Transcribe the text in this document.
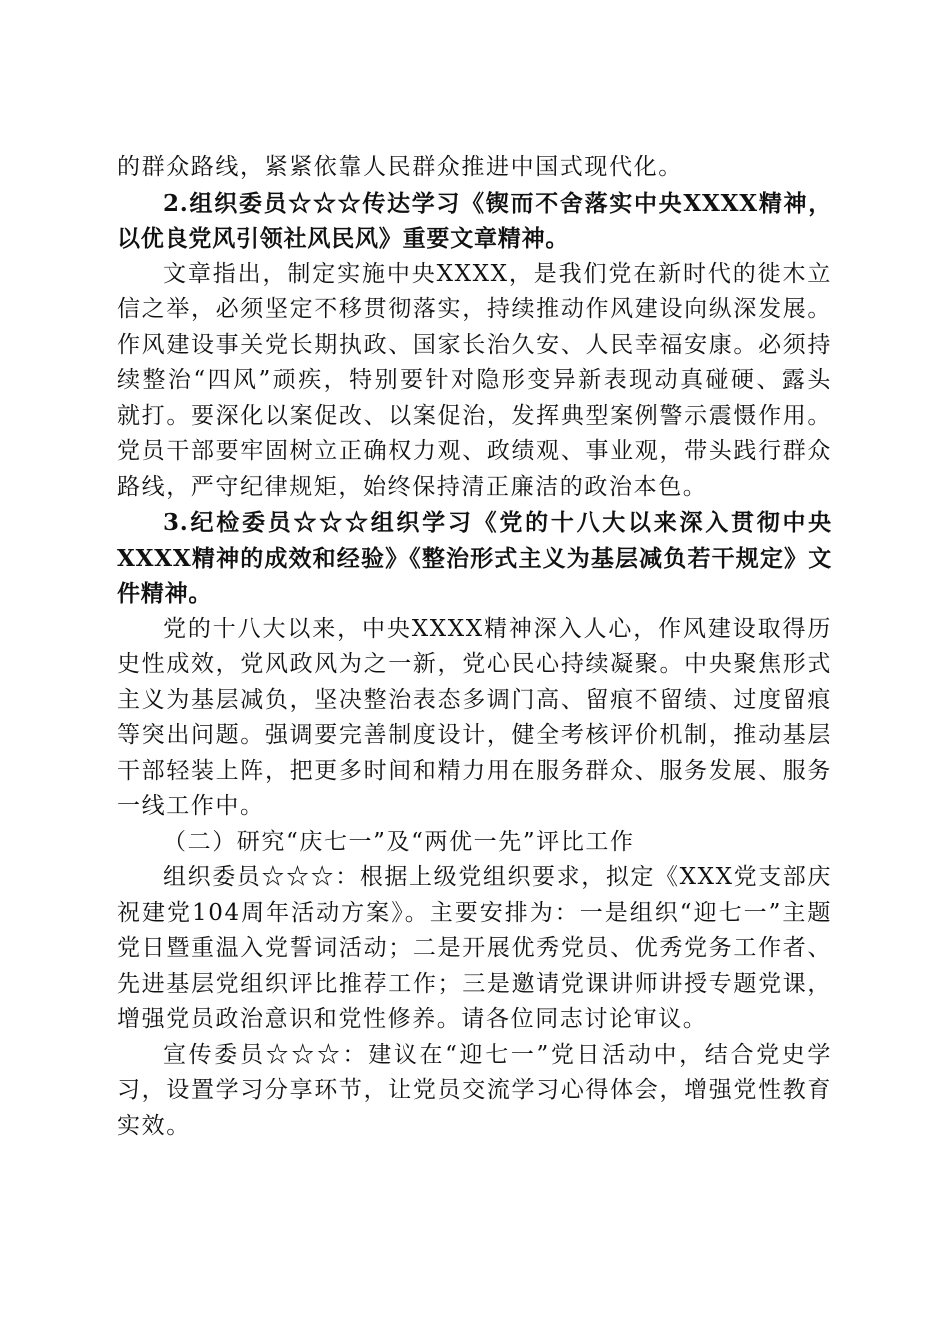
的群众路线，紧紧依靠人民群众推进中国式现代化。

2.组织委员☆☆☆传达学习《锲而不舍落实中央XXXX精神，以优良党风引领社风民风》重要文章精神。

文章指出，制定实施中央XXXX，是我们党在新时代的徙木立信之举，必须坚定不移贯彻落实，持续推动作风建设向纵深发展。作风建设事关党长期执政、国家长治久安、人民幸福安康。必须持续整治“四风”顽疾，特别要针对隐形变异新表现动真碰硬、露头就打。要深化以案促改、以案促治，发挥典型案例警示震慑作用。党员干部要牢固树立正确权力观、政绩观、事业观，带头践行群众路线，严守纪律规矩，始终保持清正廉洁的政治本色。

3.纪检委员☆☆☆组织学习《党的十八大以来深入贯彻中央XXXX精神的成效和经验》《整治形式主义为基层减负若干规定》文件精神。

党的十八大以来，中央XXXX精神深入人心，作风建设取得历史性成效，党风政风为之一新，党心民心持续凝聚。中央聚焦形式主义为基层减负，坚决整治表态多调门高、留痕不留绩、过度留痕等突出问题。强调要完善制度设计，健全考核评价机制，推动基层干部轻装上阵，把更多时间和精力用在服务群众、服务发展、服务一线工作中。

（二）研究“庆七一”及“两优一先”评比工作

组织委员☆☆☆：根据上级党组织要求，拟定《XXX党支部庆祝建党104周年活动方案》。主要安排为：一是组织“迎七一”主题党日暨重温入党誓词活动；二是开展优秀党员、优秀党务工作者、先进基层党组织评比推荐工作；三是邀请党课讲师讲授专题党课，增强党员政治意识和党性修养。请各位同志讨论审议。

宣传委员☆☆☆：建议在“迎七一”党日活动中，结合党史学习，设置学习分享环节，让党员交流学习心得体会，增强党性教育实效。
